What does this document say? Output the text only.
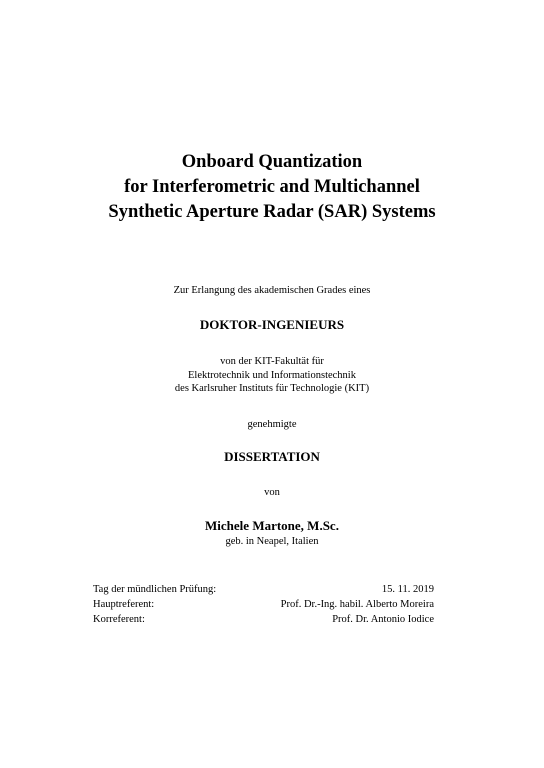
Onboard Quantization
for Interferometric and Multichannel
Synthetic Aperture Radar (SAR) Systems
Zur Erlangung des akademischen Grades eines
DOKTOR-INGENIEURS
von der KIT-Fakultät für
Elektrotechnik und Informationstechnik
des Karlsruher Instituts für Technologie (KIT)
genehmigte
DISSERTATION
von
Michele Martone, M.Sc.
geb. in Neapel, Italien
Tag der mündlichen Prüfung:	15. 11. 2019
Hauptreferent:	Prof. Dr.-Ing. habil. Alberto Moreira
Korreferent:	Prof. Dr. Antonio Iodice
